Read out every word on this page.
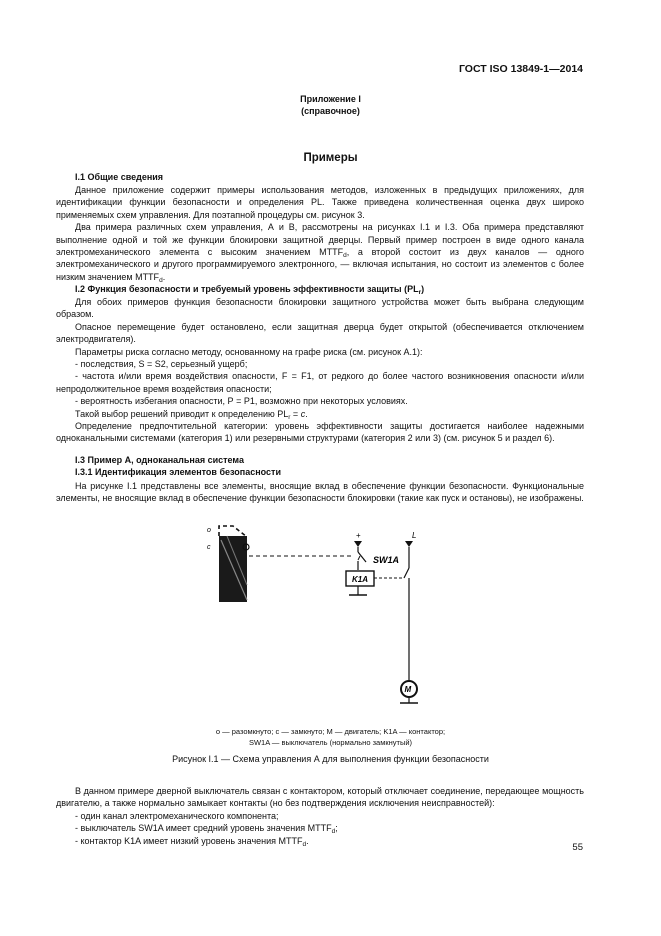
ГОСТ ISO 13849-1—2014
Приложение I
(справочное)
Примеры
I.1 Общие сведения

Данное приложение содержит примеры использования методов, изложенных в предыдущих приложениях, для идентификации функции безопасности и определения PL. Также приведена количественная оценка двух широко применяемых схем управления. Для поэтапной процедуры см. рисунок 3.

Два примера различных схем управления, А и В, рассмотрены на рисунках I.1 и I.3. Оба примера представляют выполнение одной и той же функции блокировки защитной дверцы. Первый пример построен в виде одного канала электромеханического элемента с высоким значением $MTTF_d$, а второй состоит из двух каналов — одного электромеханического и другого программируемого электронного, — включая испытания, но состоит из элементов с более низким значением $MTTF_d$.

I.2 Функция безопасности и требуемый уровень эффективности защиты $(PL_r)$

Для обоих примеров функция безопасности блокировки защитного устройства может быть выбрана следующим образом.

Опасное перемещение будет остановлено, если защитная дверца будет открытой (обеспечивается отключением электродвигателя).

Параметры риска согласно методу, основанному на графе риска (см. рисунок А.1):

- последствия, S = S2, серьезный ущерб;

- частота и/или время воздействия опасности, F = F1, от редкого до более частого возникновения опасности и/или непродолжительное время воздействия опасности;

- вероятность избегания опасности, Р = Р1, возможно при некоторых условиях.

Такой выбор решений приводит к определению $PL_r = c$.

Определение предпочтительной категории: уровень эффективности защиты достигается наиболее надежными одноканальными системами (категория 1) или резервными структурами (категория 2 или 3) (см. рисунок 5 и раздел 6).

I.3 Пример А, одноканальная система
I.3.1 Идентификация элементов безопасности

На рисунке I.1 представлены все элементы, вносящие вклад в обеспечение функции безопасности. Функциональные элементы, не вносящие вклад в обеспечение функции безопасности блокировки (такие как пуск и остановы), не изображены.

o
c
+
SW1A
K1A
L
M
o — разомкнуто; c — замкнуто; M — двигатель; K1A — контактор;
SW1A — выключатель (нормально замкнутый)
Рисунок I.1 — Схема управления А для выполнения функции безопасности

В данном примере дверной выключатель связан с контактором, который отключает соединение, передающее мощность двигателю, а также нормально замыкает контакты (но без подтверждения исключения неисправностей):

- один канал электромеханического компонента;

- выключатель SW1A имеет средний уровень значения $MTTF_d$;

- контактор K1A имеет низкий уровень значения $MTTF_d$.

55
